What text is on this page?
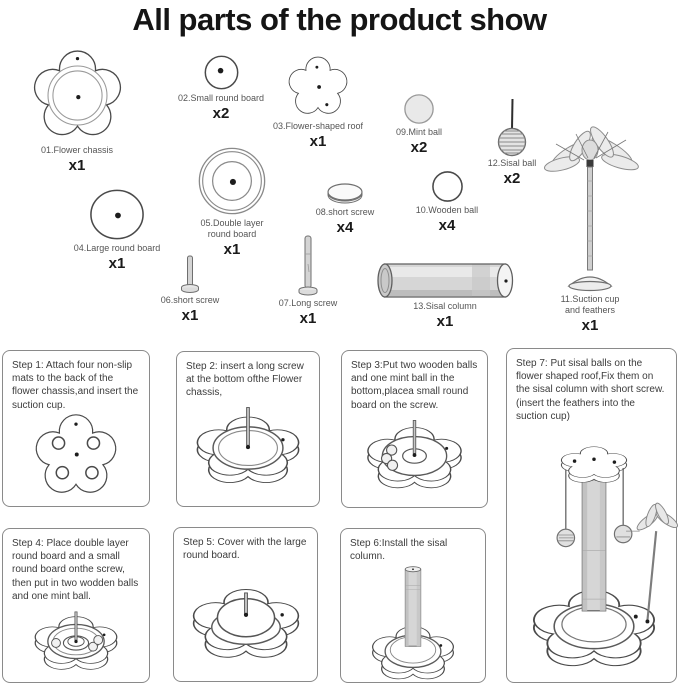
All parts of the product show
01.Flower chassis
x1
02.Small round board
x2
03.Flower-shaped roof
x1
09.Mint ball
x2
12.Sisal ball
x2
11.Suction cup and feathers
x1
05.Double layer round board
x1
04.Large round board
x1
08.short screw
x4
10.Wooden ball
x4
06.short screw
x1
07.Long screw
x1
13.Sisal column
x1

Step 1: Attach four non-slip mats to the back of the flower chassis,and insert the suction cup.

Step 2: insert a long screw at the bottom ofthe Flower chassis,

Step 3:Put two wooden balls and one mint ball in the bottom,placea small round board on the screw.

Step 7: Put sisal balls on the flower shaped roof,Fix them on the sisal column with short screw.(insert the feathers into the suction cup)

Step 4: Place double layer round board and a small round board onthe screw, then put in two wodden balls and one mint ball.

Step 5: Cover with the large round board.

Step 6:Install the sisal column.
